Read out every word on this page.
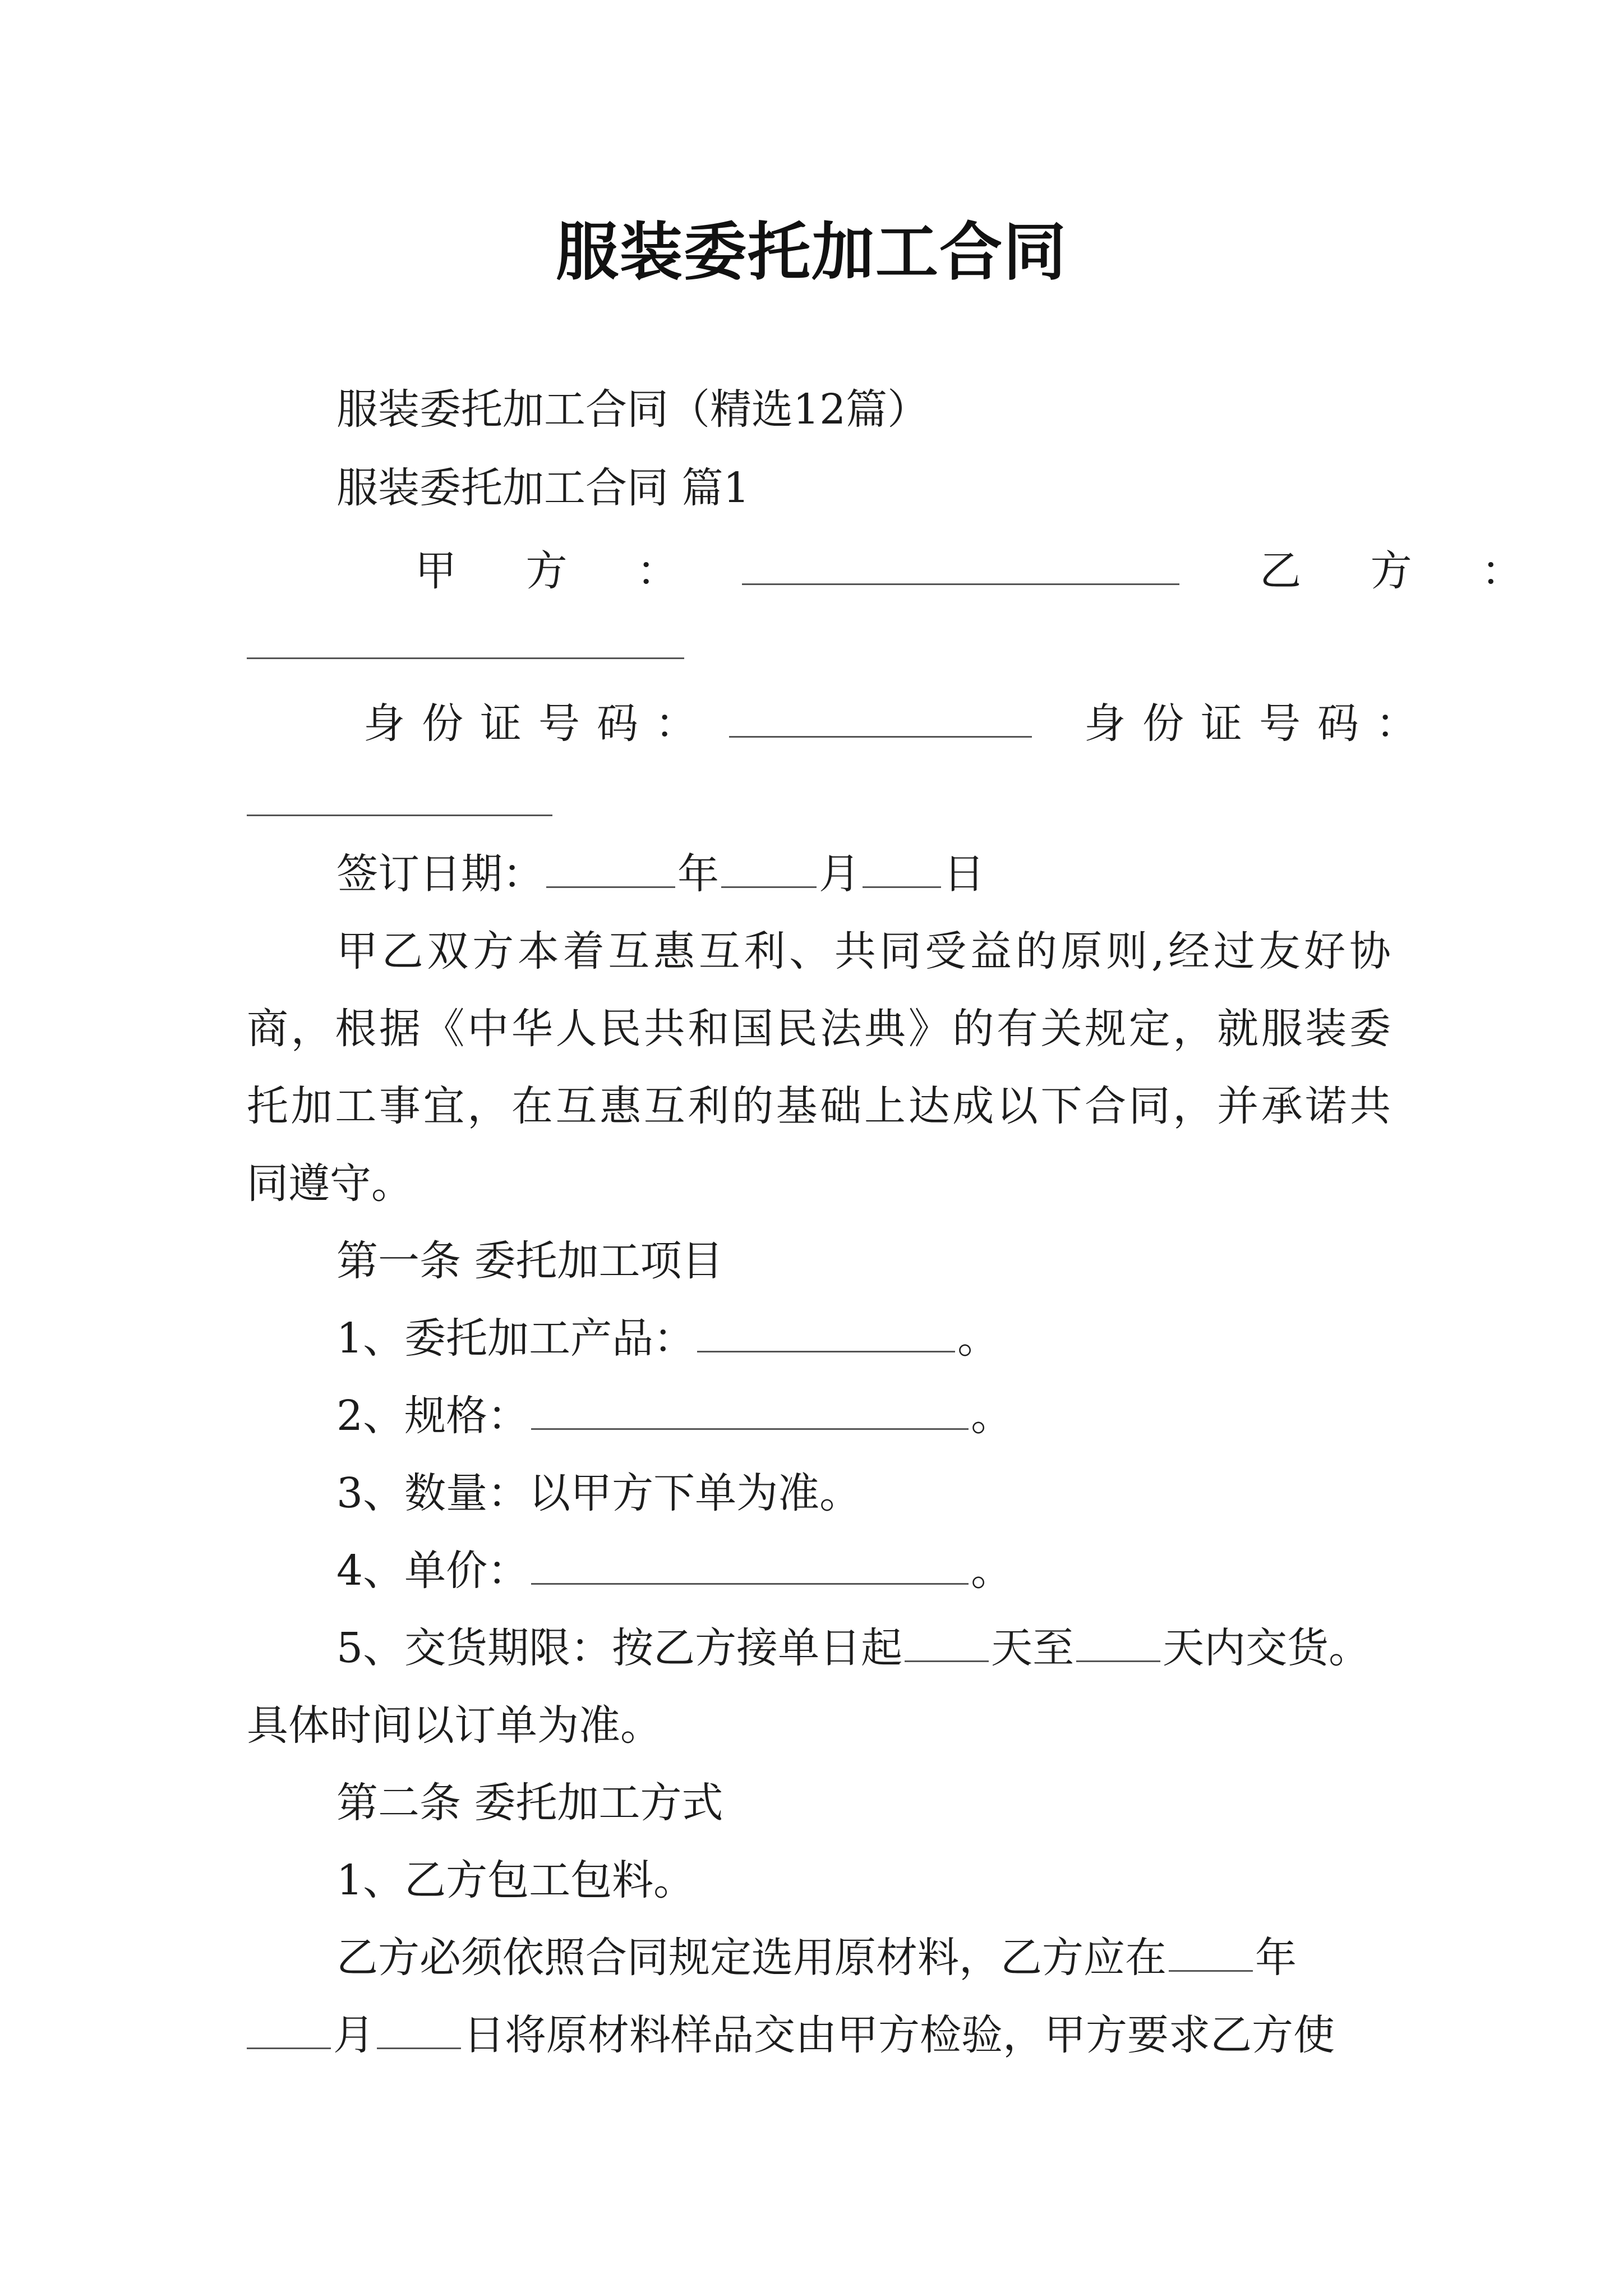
服装委托加工合同
服装委托加工合同（精选12篇）
服装委托加工合同 篇1
甲 方 ：	乙 方 ：
身份证号码：	身份证号码：
签订日期：	年 月 日
甲乙双方本着互惠互利、共同受益的原则,经过友好协
商，根据《中华人民共和国民法典》的有关规定，就服装委
托加工事宜，在互惠互利的基础上达成以下合同，并承诺共
同遵守。
第一条 委托加工项目
1、委托加工产品：	。
2、规格：	。
3、数量：以甲方下单为准。
4、单价：	。
5、交货期限：按乙方接单日起 天至 天内交货。
具体时间以订单为准。
第二条 委托加工方式
1、乙方包工包料。
乙方必须依照合同规定选用原材料，乙方应在 年
月 日将原材料样品交由甲方检验，甲方要求乙方使
